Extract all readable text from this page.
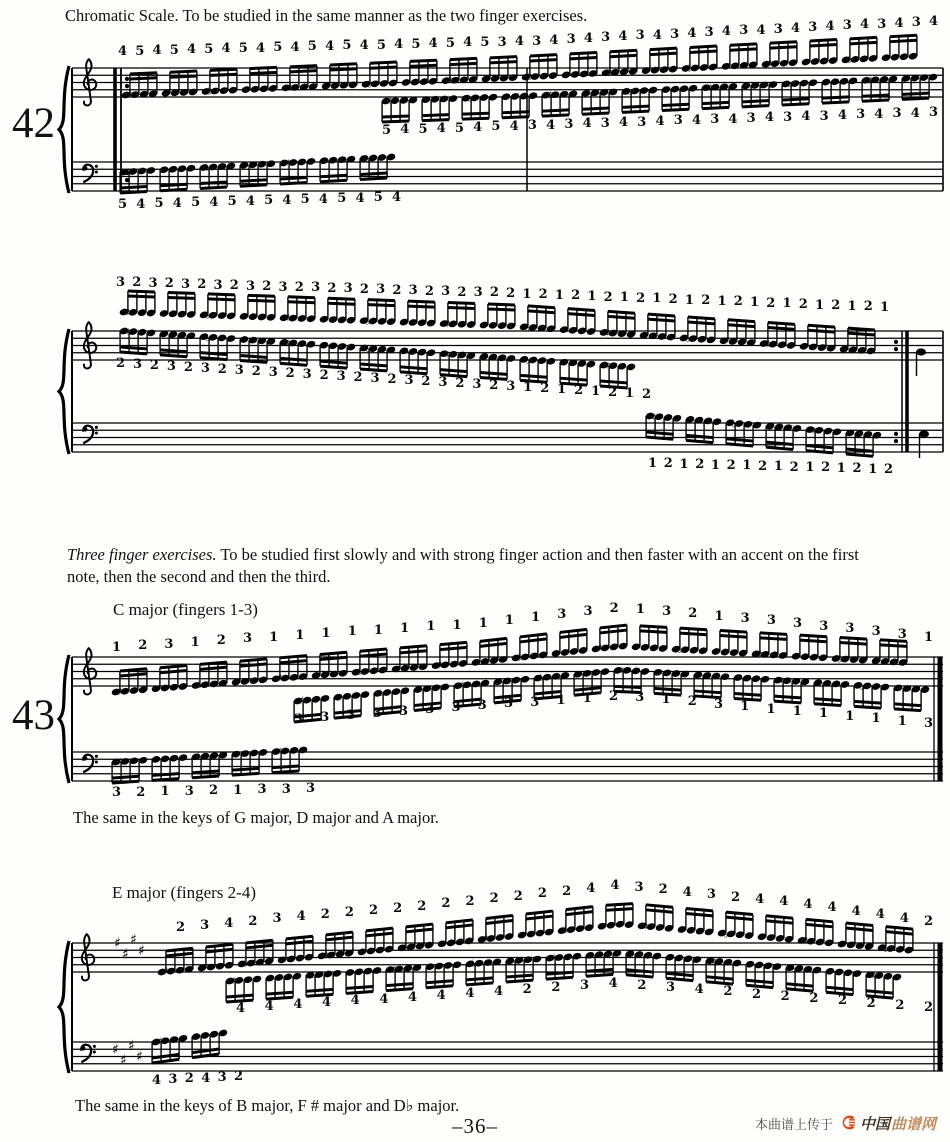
♯
♯
♯
♯
♯
♯
♯
♯
♯	♭	♯	♭	♯	♭	♯	♭	♯	♭
♯	♭	♯	♭	♯	♭	♯
♯	♭	♯	♭
♯	♭	♯	♭	♯	♭
♯
♭
♯
♭
♯
♭
♯
♭
♯
♭
♯
♯
♭
♯
♯
♭
♯
♭
♯
♭
♯	♭	♯	♭
♯
♭
♯
♭
♯	♭	♯	♭
♯	♭	♯
♯
♭
♯
♭
♯
♭	♯
♭
♯
♭
♯
♭
♯
♭
♯	♭
♯
♭
♯
♯
4 5 4 5 4 5 4 5 4 5 4 5 4 5 4 5 4 5 4 5 4 5 3 4 3 4 3 4 3 4 3 4 3 4 3 4 3 4 3 4 3 4 3 4 3 4 3 4
5 4 5 4 5 4 5 4 3 4 3 4 3 4 3 4 3 4 3 4 3 4 3 4 3 4 3 4 3 4 3
5 4 5 4 5 4 5 4 5 4 5 4 5 4 5 4
3 2 3 2 3 2 3 2 3 2 3 2 3 2 3 2 3 2 3 2 3 2 3 2 2 1 2 1 2 1 2 1 2 1 2 1 2 1 2 1 2 1 2 1 2 1 2 1
2 3 2 3 2 3 2 3 2 3 2 3 2 3 2 3 2 3 2 3 2 3 2 3 1 2 1 2 1 2 1 2
1 2 1 2 1 2 1 2 1 2 1 2 1 2 1 2
1 2 3 1 2 3 1 1 1 1 1 1 1 1 1 1 1 3 3 2 1 3 2 1 3 3 3 3 3 3 3 1
3 3 3 3 3 3 3 3 3 3 1 1 2 3 1 2 3 1 1 1 1 1 1 1 3
3 2 1 3 2 1 3 3 3
2 3 4 2 3 4 2 2 2 2 2 2 2 2 2 2 2 4 4 3 2 4 3 2 4 4 4 4 4 4 4 2
4 4 4 4 4 4 4 4 4 4 2 2 3 4 2 3 4 2 2 2 2 2 2 2 2
4 3 2 4 3 2
Chromatic Scale. To be studied in the same manner as the two finger exercises.
42
Three finger exercises. To be studied first slowly and with strong finger action and then faster with an accent on the first note, then the second and then the third.
C major (fingers 1-3)
43
The same in the keys of G major, D major and A major.
E major (fingers 2-4)
The same in the keys of B major, F # major and D♭ major.
–36–	本曲谱上传于 中国 曲谱网
